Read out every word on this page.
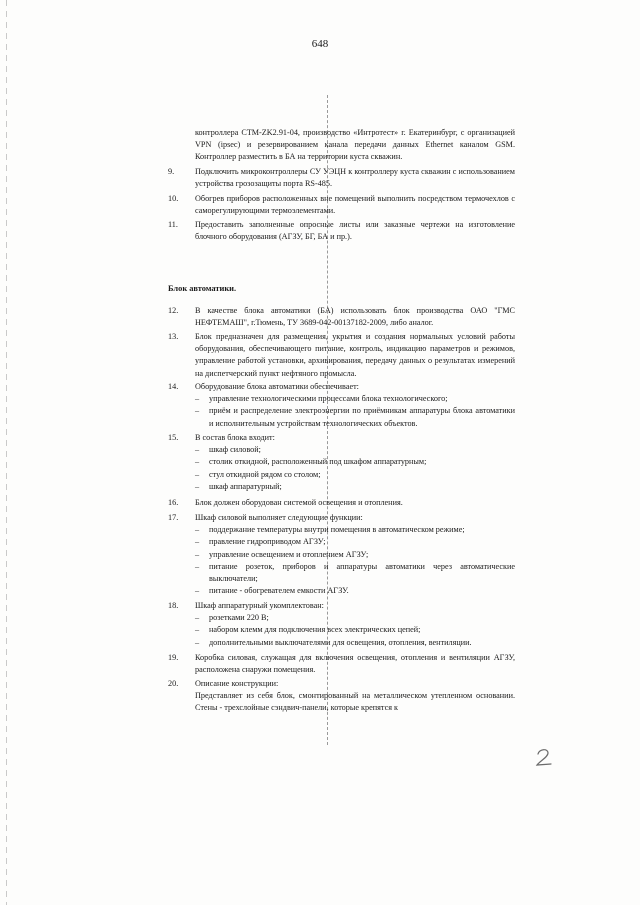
648
контроллера СТМ-ZK2.91-04, производство «Интротест» г. Екатеринбург, с организацией VPN (ipsec) и резервированием канала передачи данных Ethernet каналом GSM. Контроллер разместить в БА на территории куста скважин.
9.	Подключить микроконтроллеры СУ УЭЦН к контроллеру куста скважин с использованием устройства грозозащиты порта RS-485.
10. Обогрев приборов расположенных вне помещений выполнить посредством термочехлов с саморегулирующими термоэлементами.
11. Предоставить заполненные опросные листы или заказные чертежи на изготовление блочного оборудования (АГЗУ, БГ, БА и пр.).
Блок автоматики.
12. В качестве блока автоматики (БА) использовать блок производства ОАО "ГМС НЕФТЕМАШ", г.Тюмень, ТУ 3689-042-00137182-2009, либо аналог.
13. Блок предназначен для размещения, укрытия и создания нормальных условий работы оборудования, обеспечивающего питание, контроль, индикацию параметров и режимов, управление работой установки, архивирования, передачу данных о результатах измерений на диспетчерский пункт нефтяного промысла.
14. Оборудование блока автоматики обеспечивает:
– управление технологическими процессами блока технологического;
– приём и распределение электроэнергии по приёмникам аппаратуры блока автоматики и исполнительным устройствам технологических объектов.
15. В состав блока входит:
– шкаф силовой;
– столик откидной, расположенный под шкафом аппаратурным;
– стул откидной рядом со столом;
– шкаф аппаратурный;
16. Блок должен оборудован системой освещения и отопления.
17. Шкаф силовой выполняет следующие функции:
– поддержание температуры внутри помещения в автоматическом режиме;
– правление гидроприводом АГЗУ;
– управление освещением и отоплением АГЗУ;
– питание розеток, приборов и аппаратуры автоматики через автоматические выключатели;
– питание - обогревателем емкости АГЗУ.
18. Шкаф аппаратурный укомплектован:
– розетками 220 В;
– набором клемм для подключения всех электрических цепей;
– дополнительными выключателями для освещения, отопления, вентиляции.
19. Коробка силовая, служащая для включения освещения, отопления и вентиляции АГЗУ, расположена снаружи помещения.
20. Описание конструкции:
Представляет из себя блок, смонтированный на металлическом утепленном основании. Стены - трехслойные сэндвич-панели, которые крепятся к
